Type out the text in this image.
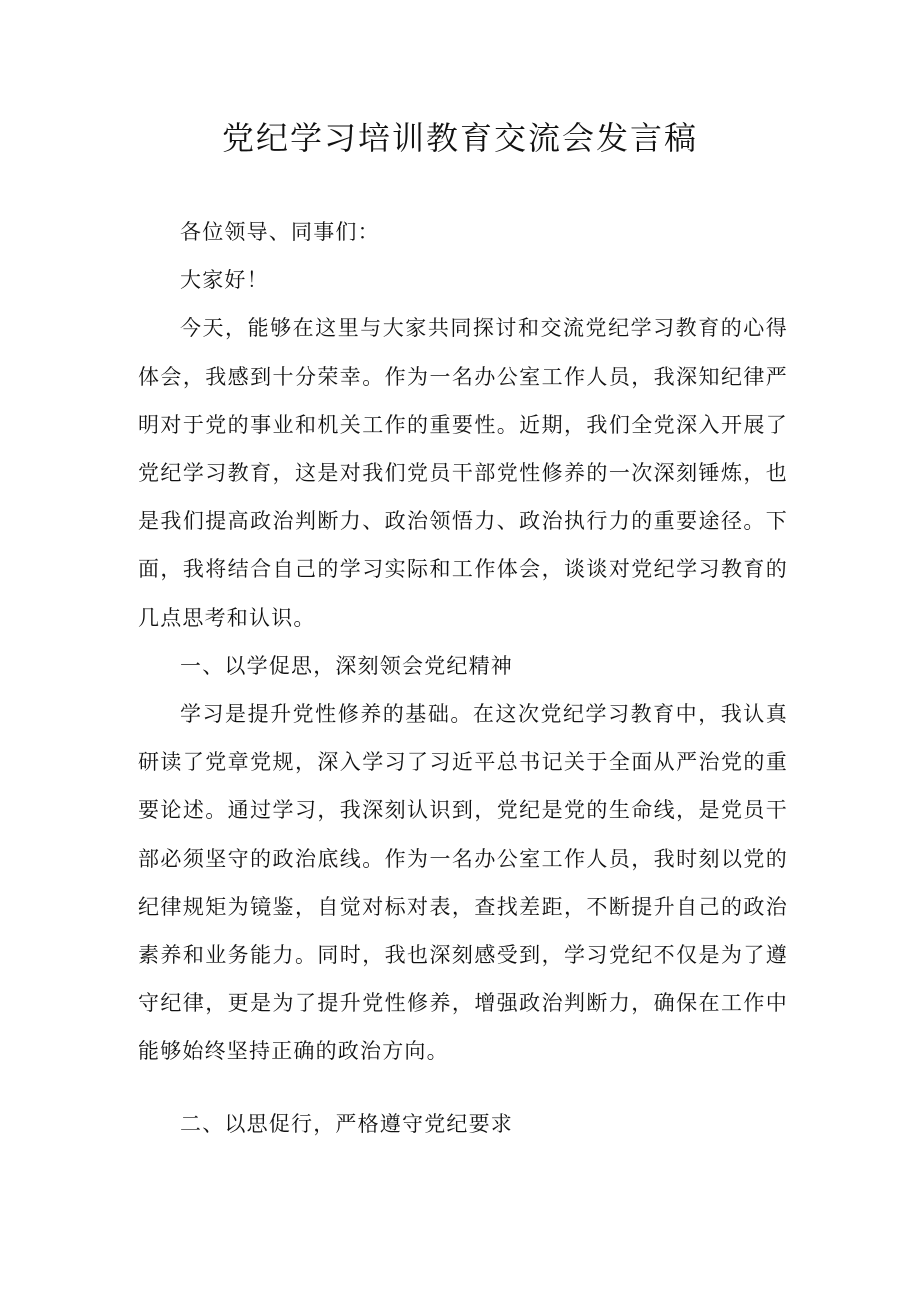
党纪学习培训教育交流会发言稿

各位领导、同事们：

大家好！

今天，能够在这里与大家共同探讨和交流党纪学习教育的心得体会，我感到十分荣幸。作为一名办公室工作人员，我深知纪律严明对于党的事业和机关工作的重要性。近期，我们全党深入开展了党纪学习教育，这是对我们党员干部党性修养的一次深刻锤炼，也是我们提高政治判断力、政治领悟力、政治执行力的重要途径。下面，我将结合自己的学习实际和工作体会，谈谈对党纪学习教育的几点思考和认识。

一、以学促思，深刻领会党纪精神

学习是提升党性修养的基础。在这次党纪学习教育中，我认真研读了党章党规，深入学习了习近平总书记关于全面从严治党的重要论述。通过学习，我深刻认识到，党纪是党的生命线，是党员干部必须坚守的政治底线。作为一名办公室工作人员，我时刻以党的纪律规矩为镜鉴，自觉对标对表，查找差距，不断提升自己的政治素养和业务能力。同时，我也深刻感受到，学习党纪不仅是为了遵守纪律，更是为了提升党性修养，增强政治判断力，确保在工作中能够始终坚持正确的政治方向。

二、以思促行，严格遵守党纪要求
